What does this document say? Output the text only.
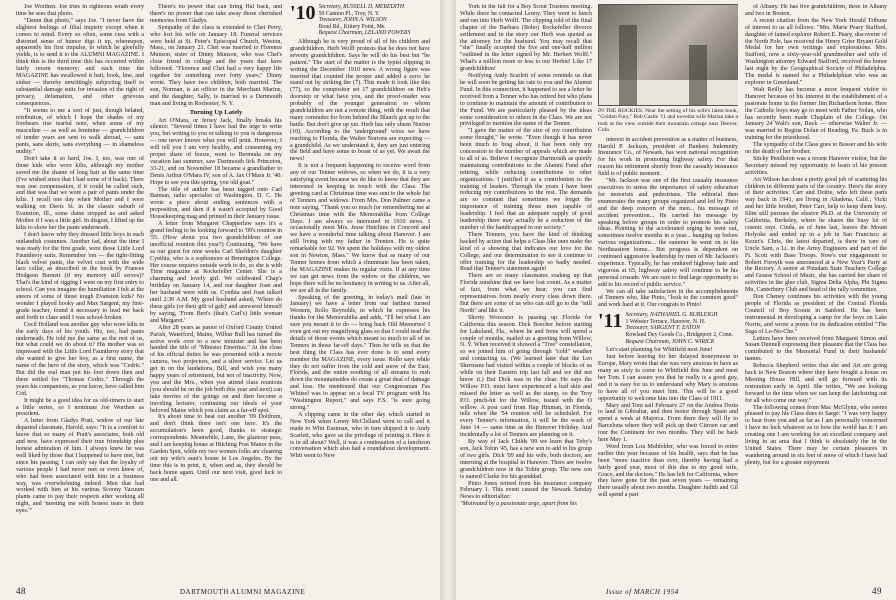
Joe Worthen. Joe tries in righteous wrath every time he sees that photo.

"Damn that photo," says Joe. "I never have the slightest feelings of filial impiety except when it comes to mind. Every so often, some cuss with a distorted sense of humor digs it up, whereupon, apparently his first impulse, to which he gleefully yields, is to send it to the ALUMNI MAGAZINE. I think this is the third time this has occurred within fairly recent memory; and each time the MAGAZINE has swallowed it bait, hook, line, and sinker — thereby unwittingly subjecting itself to substantial damage suits for invasion of the right of privacy, defamation, and other grievous consequences.

"It seems to me a sort of just, though belated, retribution, of which I hope the shades of my forebears rise tearful note, when some of my masculine — as well as feminine — grandchildren of tender years are sent to walk abroad, — sans pants, sans skirts, sans everything — in shameless nudity."

Don't take it so hard, Joe. I, too, was one of those kids who wore kilts, although my mother saved me the shame of long hair at the same time (I've wished since that I had some of it back). There was one compensation, if it could be called such, and that was that we wore a pair of pants under the kilts. I recall one day when Mother and I were walking on Davis St. in the classic suburb of Evanston, Ill., some dame stopped us and asked Mother if I was a little girl. In disgust, I lifted up the kilts to show her the pants underneath.

I don't know why they dressed little boys in such outlandish costumes. Another fad, about the time I was ready for the first grade, were those Little Lord Fauntleroy suits. Remember 'em — the tight-fitting black velvet pants, the velvet coat with the wide lace collar, as described in the book by Frances Hodgson Burnett (if my memory still serves)? That's the kind of rigging I went on my first entry to school. Can you imagine the humiliation I felt at the sneers of some of those tough Evanston kids? No wonder I played hooky and Max Sargent, my first-grade teacher, found it necessary to lead me back and forth to class until I was school-broken.

Cecil Holland was another guy who wore kilts in the early days of his youth. His, too, had pants underneath. He told me the same as the rest of us, but what could we do about it? His mother was so impressed with the Little Lord Fauntleroy story that she wanted to give her boy, as a first name, the name of the hero of the story, which was "Cedric." But did the real man put his foot down then and there settled for "Thomas Cedric." Through the years his companions, as you know, have called him Ced.

It might be a good idea for us old-timers to start a little series, so I nominate Joe Worthen as president.

A letter from Gladys Pratt, widow of our late departed classmate, Harold, says: "It is a comfort to know that so many of Pratt's associates, both old and new, have expressed their true friendship plus honest admiration of him. I always knew he was well liked by those that I happened to have met, but since his passing, I can only say that the loyalty of various people I had never met or even knew of, who had been associated with him in a business way, was overwhelming indeed. Men that had worked with him at his various Scoony Vacuum plants came to pay their respects after working all night, and 'meeting me with honest tears in their eyes.'"

There's no power that can bring Hal back, and there's no power that can take away those cherished memories from Gladys.

Sympathy of the class is extended to Chet Perry, who lost his wife on January 18. Funeral services were held at St. Peter's Episcopal Church, Weston, Mass., on January 21. Chet was married to Florence Munson, sister of Dinny Munson, who was Chet's close friend in college and the years that have followed. "Florence and Chet had a very happy life together for something over forty years," Dinny wrote. They have two children, both married. The son, Norman, is an officer in the Merchant Marine, and the daughter, Sally, is married to a Dartmouth man and living in Rochester, N. Y.

Turning Up Lately

Art O'Mara, or Jersey Jack, finally breaks his silence: "Several times I have had the urge to write you, but writing to you or talking to you is dangerous — one never knows what you will print. However, I will tell you I am very healthy, and consuming my proper share of booze, went to Bermuda on my vacation last summer, saw Dartmouth lick Princeton, 33-21, and on November 18 became a grandfather to Denis Arthur O'Mara IV, son of A. Jax O'Mara Jr. '40. Hope to see you this spring, you old goat."

The title of author has been tagged onto Carl Batman, radio specialist of Washington, D. C. He wrote a piece about ending sentences with a preposition, and darn if it wasn't accepted by Good Housekeeping mag and printed in their January issue.

A letter from Margaret Chapperlaw says it's a grand feeling to be looking forward to '09's reunion in '55. (How about you two grandchildren of our unofficial reunion this year?) Continuing, "We have as our guest for nine weeks Carl Sheldon's daughter Cynthia, who is a sophomore at Bennington College. Her course requires outside work to do, so she is with Time magazine at Rockefeller Center. She is a charming and lovely girl. We celebrated Chap's birthday on January 14, and our daughter Joan and her husband were with us. Cynthia and Joan talked until 2:30 A.M. My good husband asked, 'Where do these girls (or their gift of gab)' and answered himself by saying, 'From Bert's (that's Carl's) little woman and Margaret.'

After 28 years as pastor of Oxford County United Parish, Waterford, Maine, Wilbur Bull has turned the active work over to a new minister and has been handed the title of "Minister Emeritus." At the close of his official duties he was presented with a movie camera, two projectors, and a silver service. Let us get in on the laudations, Bill, and wish you many happy years of retirement, but not of inactivity. Now, you and the Mrs., when you attend class reunions (you should be on the job both this year and next) can take movies of the goings on and then become a traveling lecturer, continuing our ideals of your beloved Maine which you claim as a far-off spot.

It's about time to beat out another '09 Doldrum, and don't think there isn't one here. It's the accumulation's been good, thanks to strategic correspondents. Meanwhile, Lane, the glamour puss, and I are keeping house at Hitching Post Manor in the Garden Spot, while my two women folks are cleaning out my wife's aunt's house in Los Angeles. By the time this is in print, it, when and as, they should be back home again. Until our next visit, good luck to one and all.

'10 Secretary, RUSSELL D. MEREDITH
50 Cannon Pl., Troy, N. Y.
Treasurer, JOHN A. WILSON
Bond Rd., Kittery Point, Me.
Bequest Chairman, LELAND POWERS

Although he is very proud of all of his children and grandchildren, Herb Wolff protests that he does not have seventy grandchildren. Says he will do his best but "be patient." The start of the matter is the typist slipping in writing the December 1910 news. A wrong figure was inserted that counted the proper and added a zero: he stand out by striking the (7). This made it look like this (77), so the compositor set 17 grandchildren on Heb's doorstep or what have you, and the proof-reader was probably of the younger generation to whom grandchildren are not a remote thing, with the result that many comrades for from behind the Blanch got up to the battle. But don't give up yet. Herb has only sheen Norton (10). According to the 'underground' wires we have reaching to Florida, the Walter Nortons are expecting — a grandchild. As we understand it, they are just entering the field and have some to boast of as yet. We await the news!

It is not a frequent happening to receive word from any of our Tenner widows, so when we do, it is a very satisfying event because we do like to know that they are interested in keeping in touch with the Class. The greeting card at Christmas time was sent to the whole list of Tenners and widows. From Mrs. Don Palmer came a note saying, "Thank you so much for remembering me at Christmas time with the Memorabilia from College Days. I am always so interested in 1910 news. I occasionally meet Mrs. Jesse Hutchins in Concord and we have a wonderful time talking about Hanover. I am still living with my father in Trenton. He is quite remarkable for 92. We spent the holidays with my oldest son in Newton, Mass." We know that as many of our Tenner homes from which a chummate has been taken, the MAGAZINE makes its regular visits. If at any time we can get news from the widow or the children, we hope there will be no hesitancy in writing to us. After all, we are all in the family.

Speaking of the greeting, in today's mail (late in January) we have a letter from our farthest turned Western, Rollo Reynolds, in which he expresses his thanks for the Memorabilia and adds, "I'll bet what I am sure you meant it to do — bring back Old Memories! I even got out my magnifying glass so that I could read the details of those events which meant so much to all of us Tenners in those far-off days." Then he tells us that the best thing the Class has ever done is to send every member the MAGAZINE, every issue. Rollo says while they do not suffer from the cold and snow of the East, Florida, and the entire soothing of all streams to rush down the mountainsides do create a great deal of damage and loss. He mentioned that our Congressman Fas Whitsel was to appear on a local TV program with his "Washington Report," and says F.S. "is sure going strong."

A clipping came in the other day which started in New York when Lenny McClelland went to call and it made to Whit Eastman, who in turn shipped it to Andy Scarlett, who gave us the privilege of printing it. Here it is in all about? Well, it was a continuation of a luncheon conversation which also had a roundabout development. Whit went to New

48	DARTMOUTH ALUMNI MAGAZINE

York in the fall for a Boy Scout Trustees meeting. While there he contacted Lenny. They went to lunch and ran into Herb Wolff. The clipping told of the final chapter of the Barbara (Bobo) Rockefeller divorce settlement and in the story our Herb was quoted as the attorney for the husband. You may recall that "she" finally accepted the five and one-half million "outlined in the letter signed by Mr. Herbert Wolff." What's a million more or less to our Herbie! Like 17 grandchildren!

Notifying Andy Scarlett of some reminds us that he will soon be getting his rate to you and the Alumni Fund. In this connection, it happened to see a letter he received from a Tenner who has retired but who plans to continue to maintain the amount of contribution to the Fund. We are particularly pleased by the ideas some consideration to others in the Class. We are not privileged to mention the name of the Tenner.

"I gave the matter of the size of my contribution some thought," he wrote. "Even though it has never been much to brag about, it has been only my concession to the number of appeals which are made to all of us. Believe I recognize Dartmouth as quietly maintaining contributions to the Alumni Fund after retiring, while reducing contributions to other organizations. I justified it as a contribution to the training of leaders. Through the years I have been reducing my contributions to the rest. The demands are so constant that sometimes we forget the importance of training those men capable of leadership. I feel that an adequate supply of good leadership there may actually be a reduction of the number of the handicapped in our society."

There Tenners, you have the kind of thinking backed by action that helps a Class like ours make the kind of a showing that indicates our love for the College, and our determination to see it continue to offer training for the leadership so badly needed. Read that Tenner's statement again!

There are so many classmates soaking up that Florida sunshine that we have lost count. As a matter of fact, from what we hear, you can find representatives from nearly every class down there. But there are some of us who can still go to the "still North" and like it.

Shorty Worcester is passing up Florida for California this season. Dick Beecher before starting for Lakeland, Fla., where he and Irene will spend a couple of months, mailed us a greeting from Willow, N. Y. When received it showed a "Tree" constellation, so we joined him of going through "cold" weather and contacting us. (We learned later that the Leo Shermans had visited within a couple of blocks of us while on their Eastern trip last fall and we did not know it.) But Dick was in the clear. He says the Willow P.O. must have experienced a bad skin and missed the letter as well as the stamp, so the Troy P.O. pinch-hit for the Willow, issued with the O willow. A post card from Hap Hinman, in Florida, tells when the '54 reunion will be scheduled. For every Tenner's information, it will be the week of June 14 — same time as the Hanover Holiday. And incidentally a lot of Tenners are planning on it.

By way of Jack Childs '09 we learn that Toby's son, Jack Tobin '45, has a new son to add to his group of two girls. Dick '09 and his wife, both doctors, are interning at the hospital in Hanover. There are twelve grandchildren now in the Tobin group. The new son is named Clarke for his granddad.

Pinto Jones retired from his insurance company February 1. This event caused the Newark Sunday News to editorialize:

"Motivated by a passionate urge, apart from his

IN THE ROCKIES: Near the setting of his wife's latest book, "Golden Fury," Bob Castle '11 and novelist wife Marian take a look at the view outside their mountain cottage near Denver, Colo.

interest in accident prevention as a matter of business, Harold P. Jackson, president of Bankers Indemnity Insurance Co., of Newark, has won national recognition for his work in promoting highway safety. For that reason his retirement shortly from the casualty insurance field is of public moment.

"Mr. Jackson was one of the first casualty insurance executives to stress the importance of safety education for motorists and pedestrians. The editorial then enumerates the many groups organized and led by Pinto and the deep concern of the men... his message of accident prevention... He carried his message by speaking before groups in order to promote his safety ideas. Pointing to the accelerated urging he went out, sometimes twelve months in a year... hanging up before various organizations... the summer he went on to his Northeastern home... But progress is dependent on continued aggressive leadership by men of Mr. Jackson's experience. Typically, he has endured highway hate and vigorous at 65, highway safety will continue to be his personal crusade. We are sure to find large opportunity to add to his record of public service."

We can all take satisfaction in the accomplishments of Tenners who, like Pinto, "look to the common good" and work hard at it. Our congrats to Pinto!

'11 Secretary, NATHANIEL G. BURLEIGH
1 Webster Terrace, Hanover, N. H.
Treasurer, SARGENT F. EATON
Rowland Dey Goods Co., Bridgeport 2, Conn.
Bequest Chairman, JOHN C. WIRICK

Let's start planning for Whitfield next June!

Just before leaving for her delayed honeymoon in Europe, Mary wrote that she was very anxious to have as many as sixty to come to Whitfield this June and meet her Tom. I can assure you that he really is a good guy, and it is easy for us to understand why Mary is anxious to have all of you meet him. This will be a good opportunity to welcome him into the Class of 1911.

Mary and Tom sail February 27 on the Andrea Doria to land in Gibraltar, and then motor through Spain and spend a week at Majorca. From there they will fly to Barcelona where they will pick up their Citroen car and tour the Continent for two months. They will be back here May 1.

Word from Lou Muhfelder, who was forced to retire earlier this year because of his health, says that he has been "more inactive than ever, thereby having had a fairly good year, most of this due to my good wife, Grace, and the doctors." He has left for California, where they have gone for the past seven years — remaining there usually about two months. Daughter Judith and Gil will spend a part

of Albany. He has five grandchildren, three in Albany and two in Boston.

A recent citation from the New York Herald Tribune of interest to us all follows: "Mrs. Marie Peary Stafford, daughter of famed explorer Robert E. Peary, discoverer of the North Pole, has received the Henry Grier Bryant Gold Medal for her own writings and explorations. Mrs. Stafford, now a sixty-year-old grandmother and wife of Washington attorney Edward Stafford, received the honor last night by the Geographical Society of Philadelphia. The medal is named for a Philadelphian who was an explorer in Greenland."

Walt Reilly has become a more frequent visitor to Hanover because of his interest in the establishment of a pastorate home in the former Jim Richardson home. Here the Catholic boys may go to meet with Father Nolan, who has recently been made Chaplain of the College. On January 24 Walt's son, Buck — otherwise Walter Jr. — was married to Regina Dolan of Reading, Pa. Buck is in training for the priesthood.

The sympathy of the Class goes to Bosser and his wife on the death of her brother.

Sticky Pendleton was a recent Hanover visitor, but the Secretary missed my opportunity to learn of his present activities.

Art Wilson has done a pretty good job of scattering his children in different parts of the country. Here's the story of their activities: Carr and Dottie, who left these parts way back in 1941, are living in Altadena, Calif.; Vicki and her little brother, Peter Carr, help to keep them busy. Slim still pursues the elusive Ph.D. at the University of California, Berkeley, where he shares the busy lot of cosmic rays. Cinda, as of June last, leaves the Mount Holyoke and ended up in a job in San Francisco at Kezer's. Chris, the latest departed, is there in care of Uncle Sam, a Lt. in the Army Engineers and part of the Ft. Scott with Base Troops. Now's our engagement to Robert Forsyth was announced at a New Year's Party at the Rectory. A senior at Potsdam State Teachers College and Grasse School of Music, she has carried her share of activities in the glee club, Sigma Delta Alpha, Phi Sigma Mu, Canterbury Club and head of the rally committee.

Don Cheney continues his activities with the young people of Florida as president of the Central Florida Council of Boy Scouts in Sanford. He has been instrumental in developing a camp for the boys on Lake Norris, and wrote a poem for its dedication entitled "The Saga of Lo-No-Che."

Letters have been received from Margaret Simon and Susan Dunnell expressing their pleasure that the Class has contributed to the Memorial Fund in their husbands' names.

Rebecca Shepherd writes that she and Art are going back to New Boston where they have bought a house on Meeting House Hill, and will go forward with its restoration early in April. She writes, "We are looking forward to the time when we can keep the latchstring out for all who come our way."

The following comes from Mac McGlynn, who seems pleased to pay his Class dues to Sarge: "I was very happy to hear from you and as far as I am personally concerned I have no kick whatever as to how the world has it: I am creating one I am working for an excellent company and living in an area that I think is absolutely the in the United States. There may be certain pleasures in wandering around in six feet of snow of which I have had plenty, but for a greater enjoyment

Issue of MARCH 1954	49
